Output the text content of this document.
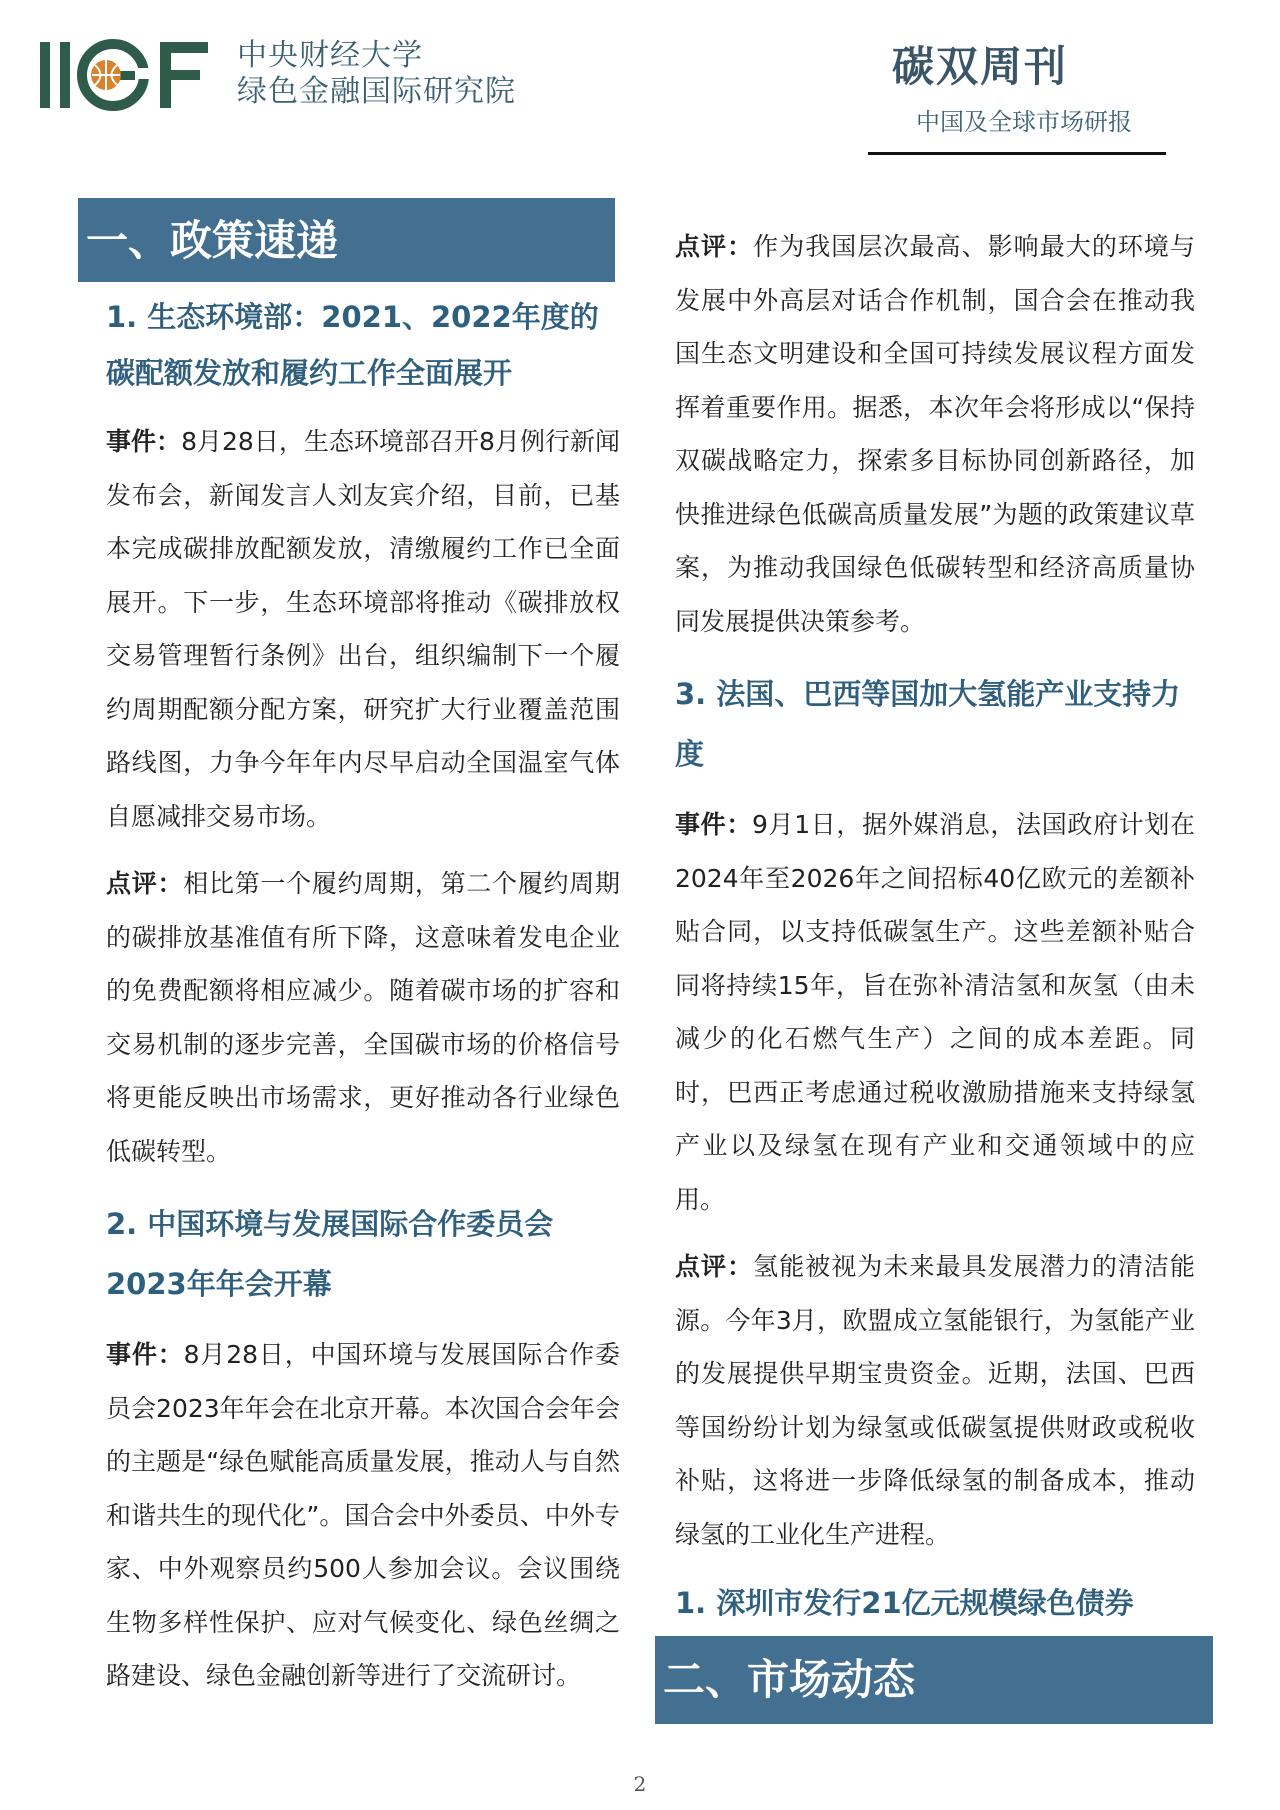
中央财经大学
绿色金融国际研究院
碳双周刊
中国及全球市场研报
一、政策速递

1. 生态环境部：2021、2022年度的碳配额发放和履约工作全面展开

事件：8月28日，生态环境部召开8月例行新闻发布会，新闻发言人刘友宾介绍，目前，已基本完成碳排放配额发放，清缴履约工作已全面展开。下一步，生态环境部将推动《碳排放权交易管理暂行条例》出台，组织编制下一个履约周期配额分配方案，研究扩大行业覆盖范围路线图，力争今年年内尽早启动全国温室气体自愿减排交易市场。

点评：相比第一个履约周期，第二个履约周期的碳排放基准值有所下降，这意味着发电企业的免费配额将相应减少。随着碳市场的扩容和交易机制的逐步完善，全国碳市场的价格信号将更能反映出市场需求，更好推动各行业绿色低碳转型。

2. 中国环境与发展国际合作委员会2023年年会开幕

事件：8月28日，中国环境与发展国际合作委员会2023年年会在北京开幕。本次国合会年会的主题是“绿色赋能高质量发展，推动人与自然和谐共生的现代化”。国合会中外委员、中外专家、中外观察员约500人参加会议。会议围绕生物多样性保护、应对气候变化、绿色丝绸之路建设、绿色金融创新等进行了交流研讨。

点评：作为我国层次最高、影响最大的环境与发展中外高层对话合作机制，国合会在推动我国生态文明建设和全国可持续发展议程方面发挥着重要作用。据悉，本次年会将形成以“保持双碳战略定力，探索多目标协同创新路径，加快推进绿色低碳高质量发展”为题的政策建议草案，为推动我国绿色低碳转型和经济高质量协同发展提供决策参考。

3. 法国、巴西等国加大氢能产业支持力度

事件：9月1日，据外媒消息，法国政府计划在2024年至2026年之间招标40亿欧元的差额补贴合同，以支持低碳氢生产。这些差额补贴合同将持续15年，旨在弥补清洁氢和灰氢（由未减少的化石燃气生产）之间的成本差距。同时，巴西正考虑通过税收激励措施来支持绿氢产业以及绿氢在现有产业和交通领域中的应用。

点评：氢能被视为未来最具发展潜力的清洁能源。今年3月，欧盟成立氢能银行，为氢能产业的发展提供早期宝贵资金。近期，法国、巴西等国纷纷计划为绿氢或低碳氢提供财政或税收补贴，这将进一步降低绿氢的制备成本，推动绿氢的工业化生产进程。

1. 深圳市发行21亿元规模绿色债券

二、市场动态
2
